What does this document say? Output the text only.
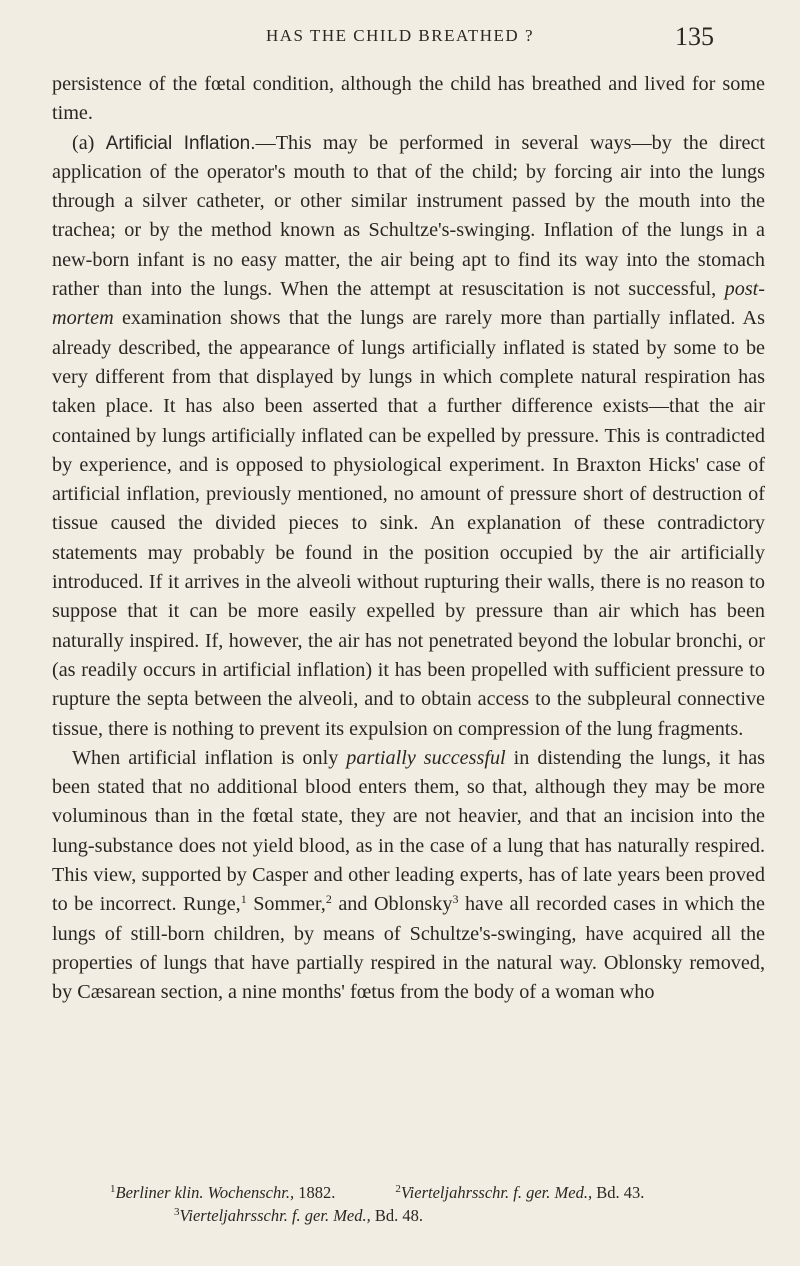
HAS THE CHILD BREATHED ?	135

persistence of the fœtal condition, although the child has breathed and lived for some time.

(a) Artificial Inflation.—This may be performed in several ways—by the direct application of the operator's mouth to that of the child; by forcing air into the lungs through a silver catheter, or other similar instrument passed by the mouth into the trachea; or by the method known as Schultze's-swinging. Inflation of the lungs in a new-born infant is no easy matter, the air being apt to find its way into the stomach rather than into the lungs. When the attempt at resuscitation is not successful, post-mortem examination shows that the lungs are rarely more than partially inflated. As already described, the appearance of lungs artificially inflated is stated by some to be very different from that displayed by lungs in which complete natural respiration has taken place. It has also been asserted that a further difference exists—that the air contained by lungs artificially inflated can be expelled by pressure. This is contradicted by experience, and is opposed to physiological experiment. In Braxton Hicks' case of artificial inflation, previously mentioned, no amount of pressure short of destruction of tissue caused the divided pieces to sink. An explanation of these contradictory statements may probably be found in the position occupied by the air artificially introduced. If it arrives in the alveoli without rupturing their walls, there is no reason to suppose that it can be more easily expelled by pressure than air which has been naturally inspired. If, however, the air has not penetrated beyond the lobular bronchi, or (as readily occurs in artificial inflation) it has been propelled with sufficient pressure to rupture the septa between the alveoli, and to obtain access to the subpleural connective tissue, there is nothing to prevent its expulsion on compression of the lung fragments.

When artificial inflation is only partially successful in distending the lungs, it has been stated that no additional blood enters them, so that, although they may be more voluminous than in the fœtal state, they are not heavier, and that an incision into the lung-substance does not yield blood, as in the case of a lung that has naturally respired. This view, supported by Casper and other leading experts, has of late years been proved to be incorrect. Runge,$^1$ Sommer,$^2$ and Oblonsky$^3$ have all recorded cases in which the lungs of still-born children, by means of Schultze's-swinging, have acquired all the properties of lungs that have partially respired in the natural way. Oblonsky removed, by Cæsarean section, a nine months' fœtus from the body of a woman who

$^1$Berliner klin. Wochenschr., 1882.	$^2$Vierteljahrsschr. f. ger. Med., Bd. 43.
$^3$Vierteljahrsschr. f. ger. Med., Bd. 48.
